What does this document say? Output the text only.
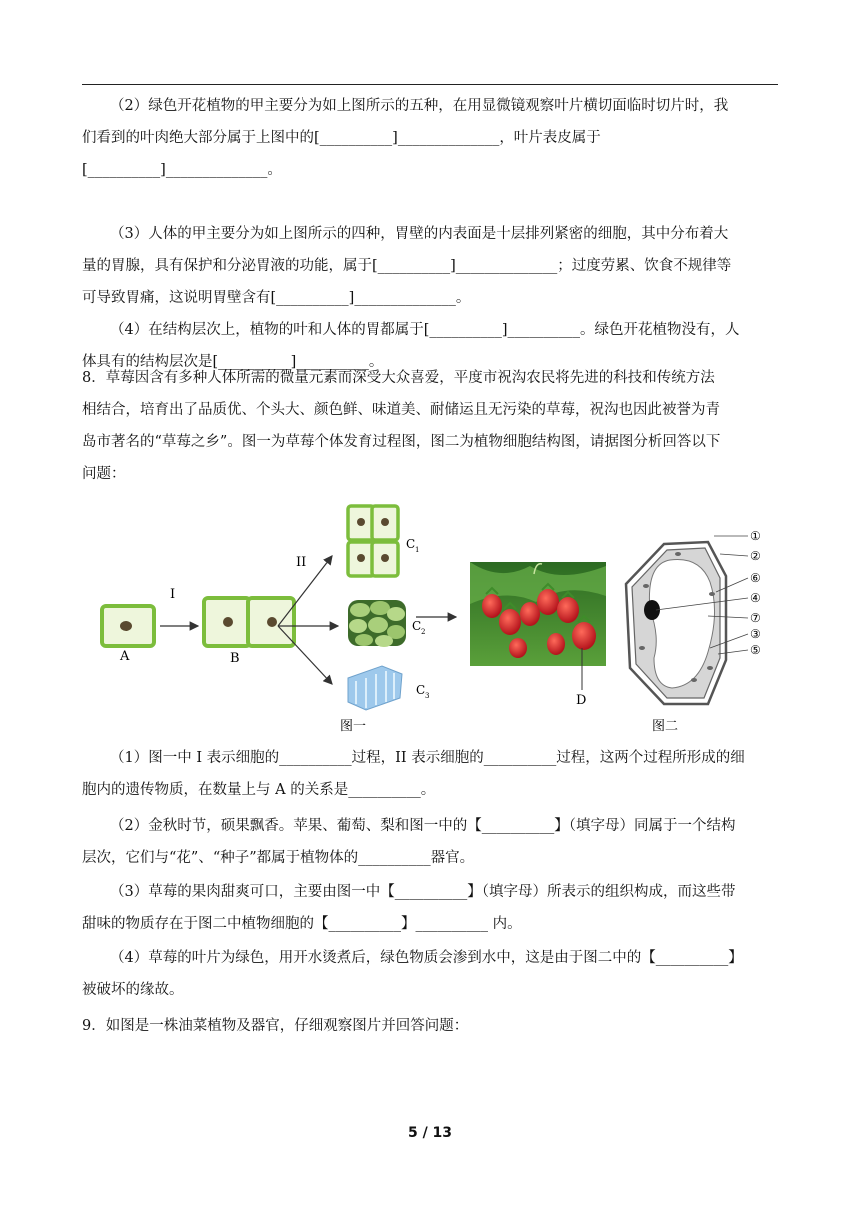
（2）绿色开花植物的甲主要分为如上图所示的五种，在用显微镜观察叶片横切面临时切片时，我
们看到的叶肉绝大部分属于上图中的[__________]______________，叶片表皮属于
[__________]______________。
（3）人体的甲主要分为如上图所示的四种，胃壁的内表面是十层排列紧密的细胞，其中分布着大
量的胃腺，具有保护和分泌胃液的功能，属于[__________]______________；过度劳累、饮食不规律等
可导致胃痛，这说明胃壁含有[__________]______________。
（4）在结构层次上，植物的叶和人体的胃都属于[__________]__________。绿色开花植物没有，人
体具有的结构层次是[__________]__________。
8．草莓因含有多种人体所需的微量元素而深受大众喜爱，平度市祝沟农民将先进的科技和传统方法
相结合，培育出了品质优、个头大、颜色鲜、味道美、耐储运且无污染的草莓，祝沟也因此被誉为青
岛市著名的“草莓之乡”。图一为草莓个体发育过程图，图二为植物细胞结构图，请据图分析回答以下
问题：
A
I
B
II
C 1
C 2
C 3	D
图一
①
②
⑥
④
⑦
③
⑤
图二
（1）图一中 I 表示细胞的__________过程，II 表示细胞的__________过程，这两个过程所形成的细
胞内的遗传物质，在数量上与 A 的关系是__________。
（2）金秋时节，硕果飘香。苹果、葡萄、梨和图一中的【__________】（填字母）同属于一个结构
层次，它们与“花”、“种子”都属于植物体的__________器官。
（3）草莓的果肉甜爽可口，主要由图一中【__________】（填字母）所表示的组织构成，而这些带
甜味的物质存在于图二中植物细胞的【__________】__________ 内。
（4）草莓的叶片为绿色，用开水烫煮后，绿色物质会渗到水中，这是由于图二中的【__________】
被破坏的缘故。
9．如图是一株油菜植物及器官，仔细观察图片并回答问题：
5 / 13
